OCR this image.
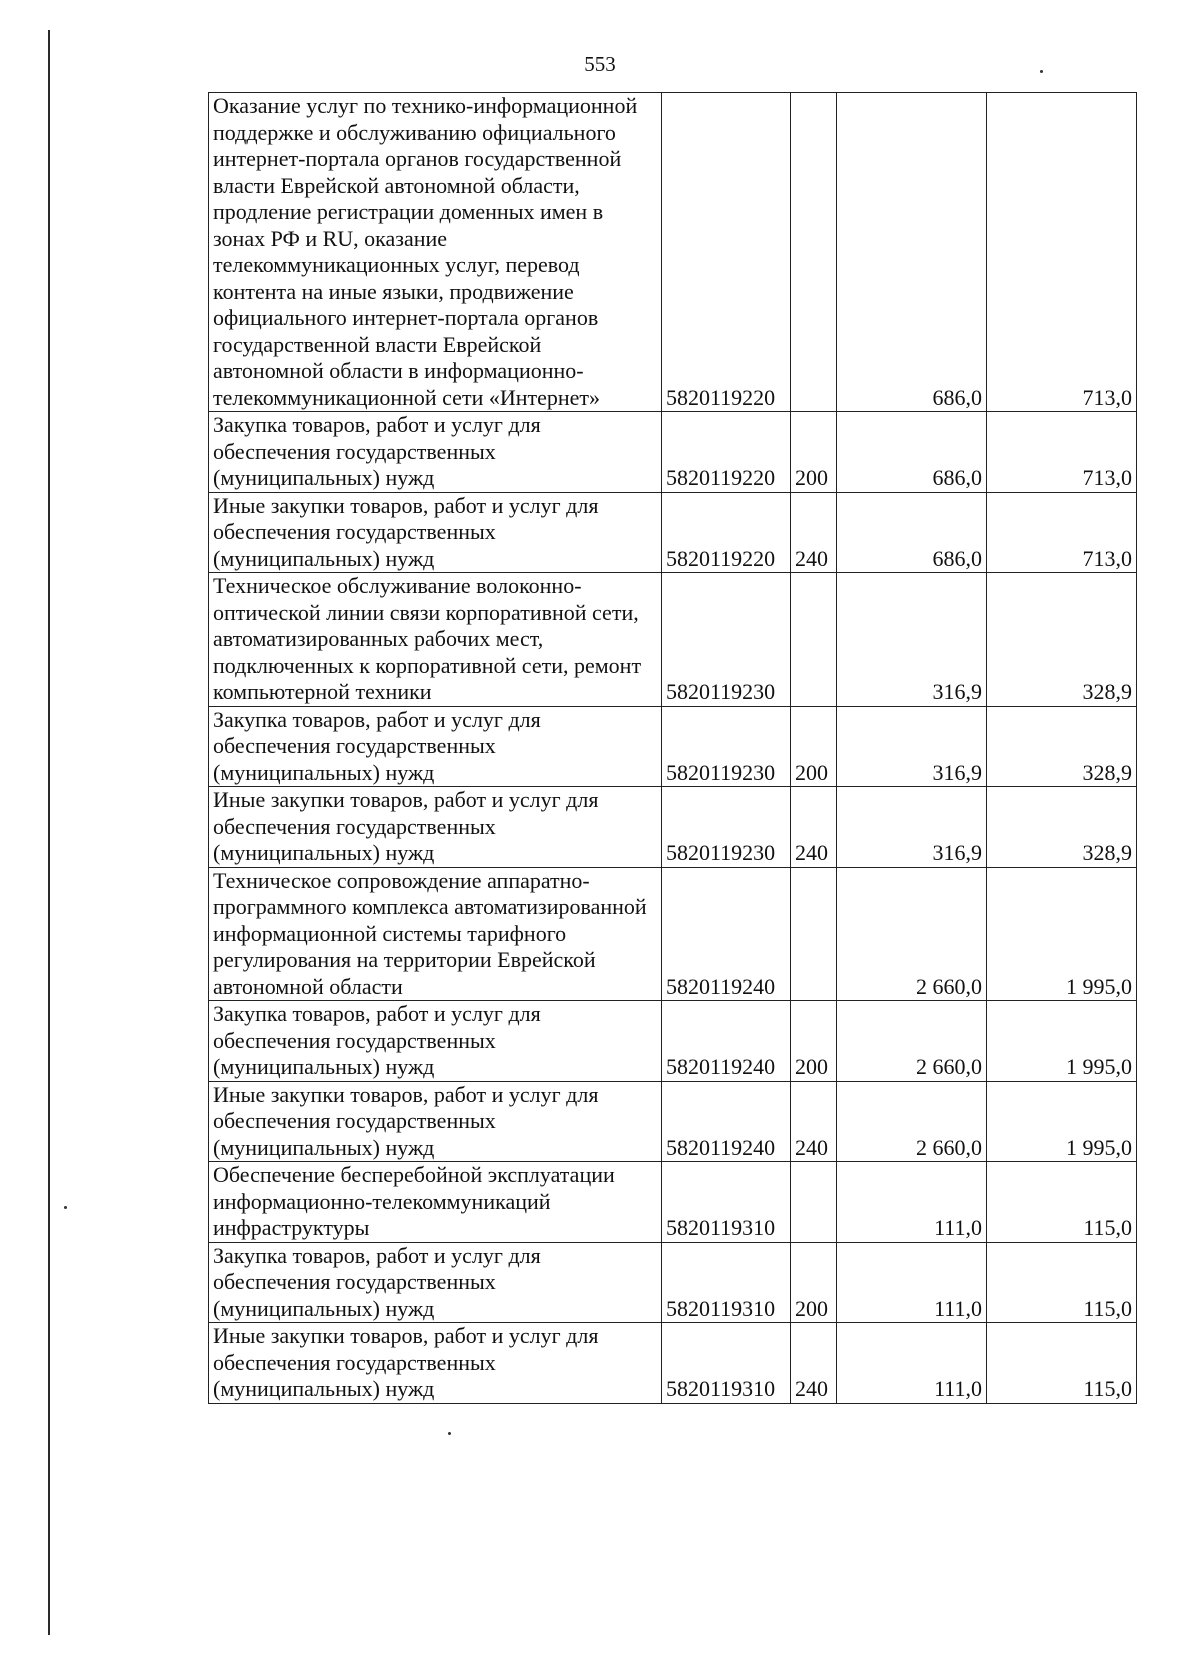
553
Оказание услуг по технико-информационной поддержке и обслуживанию официального интернет-портала органов государственной власти Еврейской автономной области, продление регистрации доменных имен в зонах РФ и RU, оказание телекоммуникационных услуг, перевод контента на иные языки, продвижение официального интернет-портала органов государственной власти Еврейской автономной области в информационно-телекоммуникационной сети «Интернет»	5820119220		686,0	713,0
Закупка товаров, работ и услуг для обеспечения государственных (муниципальных) нужд	5820119220	200	686,0	713,0
Иные закупки товаров, работ и услуг для обеспечения государственных (муниципальных) нужд	5820119220	240	686,0	713,0
Техническое обслуживание волоконно-оптической линии связи корпоративной сети, автоматизированных рабочих мест, подключенных к корпоративной сети, ремонт компьютерной техники	5820119230		316,9	328,9
Закупка товаров, работ и услуг для обеспечения государственных (муниципальных) нужд	5820119230	200	316,9	328,9
Иные закупки товаров, работ и услуг для обеспечения государственных (муниципальных) нужд	5820119230	240	316,9	328,9
Техническое сопровождение аппаратно-программного комплекса автоматизированной информационной системы тарифного регулирования на территории Еврейской автономной области	5820119240		2 660,0	1 995,0
Закупка товаров, работ и услуг для обеспечения государственных (муниципальных) нужд	5820119240	200	2 660,0	1 995,0
Иные закупки товаров, работ и услуг для обеспечения государственных (муниципальных) нужд	5820119240	240	2 660,0	1 995,0
Обеспечение бесперебойной эксплуатации информационно-телекоммуникаций инфраструктуры	5820119310		111,0	115,0
Закупка товаров, работ и услуг для обеспечения государственных (муниципальных) нужд	5820119310	200	111,0	115,0
Иные закупки товаров, работ и услуг для обеспечения государственных (муниципальных) нужд	5820119310	240	111,0	115,0
